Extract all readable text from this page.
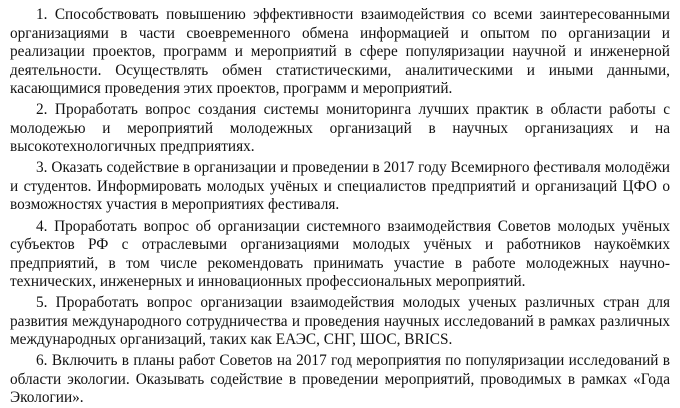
1. Способствовать повышению эффективности взаимодействия со всеми заинтересованными организациями в части своевременного обмена информацией и опытом по организации и реализации проектов, программ и мероприятий в сфере популяризации научной и инженерной деятельности. Осуществлять обмен статистическими, аналитическими и иными данными, касающимися проведения этих проектов, программ и мероприятий.

2. Проработать вопрос создания системы мониторинга лучших практик в области работы с молодежью и мероприятий молодежных организаций в научных организациях и на высокотехнологичных предприятиях.

3. Оказать содействие в организации и проведении в 2017 году Всемирного фестиваля молодёжи и студентов. Информировать молодых учёных и специалистов предприятий и организаций ЦФО о возможностях участия в мероприятиях фестиваля.

4. Проработать вопрос об организации системного взаимодействия Советов молодых учёных субъектов РФ с отраслевыми организациями молодых учёных и работников наукоёмких предприятий, в том числе рекомендовать принимать участие в работе молодежных научно-технических, инженерных и инновационных профессиональных мероприятий.

5. Проработать вопрос организации взаимодействия молодых ученых различных стран для развития международного сотрудничества и проведения научных исследований в рамках различных международных организаций, таких как ЕАЭС, СНГ, ШОС, BRICS.

6. Включить в планы работ Советов на 2017 год мероприятия по популяризации исследований в области экологии. Оказывать содействие в проведении мероприятий, проводимых в рамках «Года Экологии».
